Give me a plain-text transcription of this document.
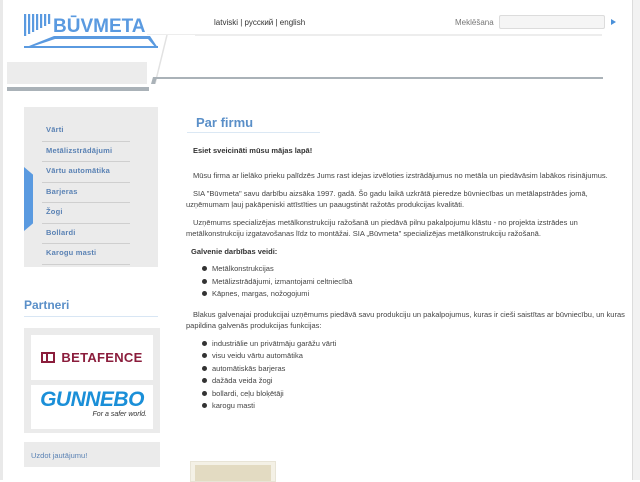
BŪVMETA	latviski | русский | english	Meklēšana
Vārti
Metālizstrādājumi
Vārtu automātika
Barjeras
Žogi
Bollardi
Karogu masti
Partneri
BETAFENCE
GUNNEBO
For a safer world.
Uzdot jautājumu!
Par firmu

Esiet sveicināti mūsu mājas lapā!

Mūsu firma ar lielāko prieku palīdzēs Jums rast idejas izvēloties izstrādājumus no metāla un piedāvāsim labākos risinājumus.

SIA "Būvmeta" savu darbību aizsāka 1997. gadā. Šo gadu laikā uzkrātā pieredze būvniecības un metālapstrādes jomā, uzņēmumam ļauj pakāpeniski attīstīties un paaugstināt ražotās produkcijas kvalitāti.

Uzņēmums specializējas metālkonstrukciju ražošanā un piedāvā pilnu pakalpojumu klāstu - no projekta izstrādes un metālkonstrukciju izgatavošanas līdz to montāžai. SIA „Būvmeta" specializējas metālkonstrukciju ražošanā.

Galvenie darbības veidi:

Metālkonstrukcijas
Metālizstrādājumi, izmantojami celtniecībā
Kāpnes, margas, nožogojumi

Blakus galvenajai produkcijai uzņēmums piedāvā savu produkciju un pakalpojumus, kuras ir cieši saistītas ar būvniecību, un kuras papildina galvenās produkcijas funkcijas:

industriālie un privātmāju garāžu vārti
visu veidu vārtu automātika
automātiskās barjeras
dažāda veida žogi
bollardi, ceļu bloķētāji
karogu masti
